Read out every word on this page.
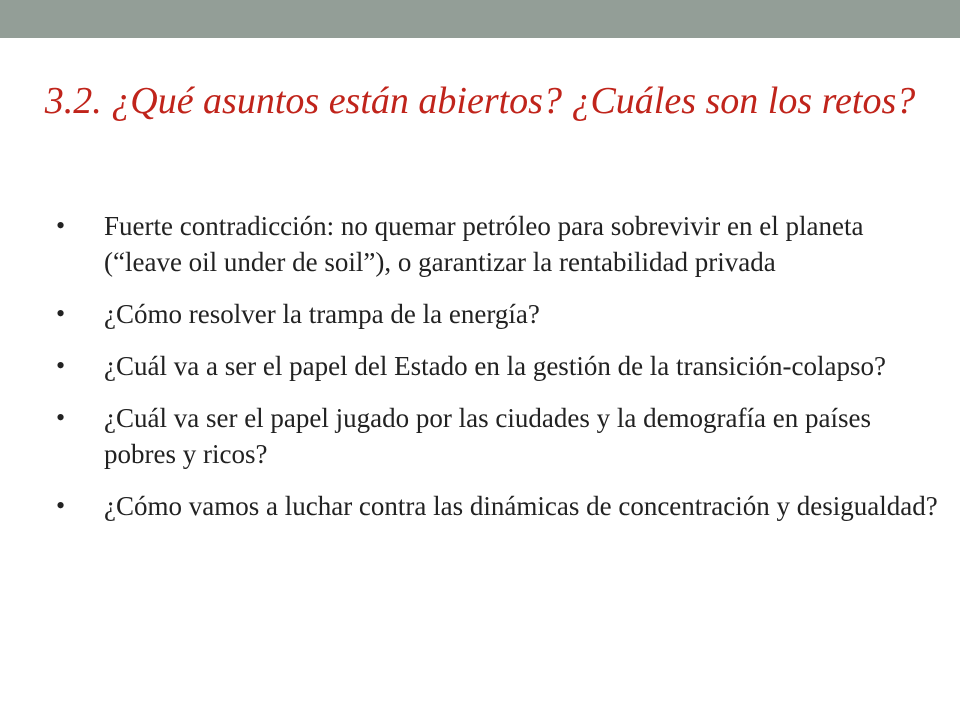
3.2. ¿Qué asuntos están abiertos? ¿Cuáles son los retos?
• Fuerte contradicción: no quemar petróleo para sobrevivir en el planeta (“leave oil under de soil”), o garantizar la rentabilidad privada
• ¿Cómo resolver la trampa de la energía?
• ¿Cuál va a ser el papel del Estado en la gestión de la transición-colapso?
• ¿Cuál va ser el papel jugado por las ciudades y la demografía en países pobres y ricos?
• ¿Cómo vamos a luchar contra las dinámicas de concentración y desigualdad?
